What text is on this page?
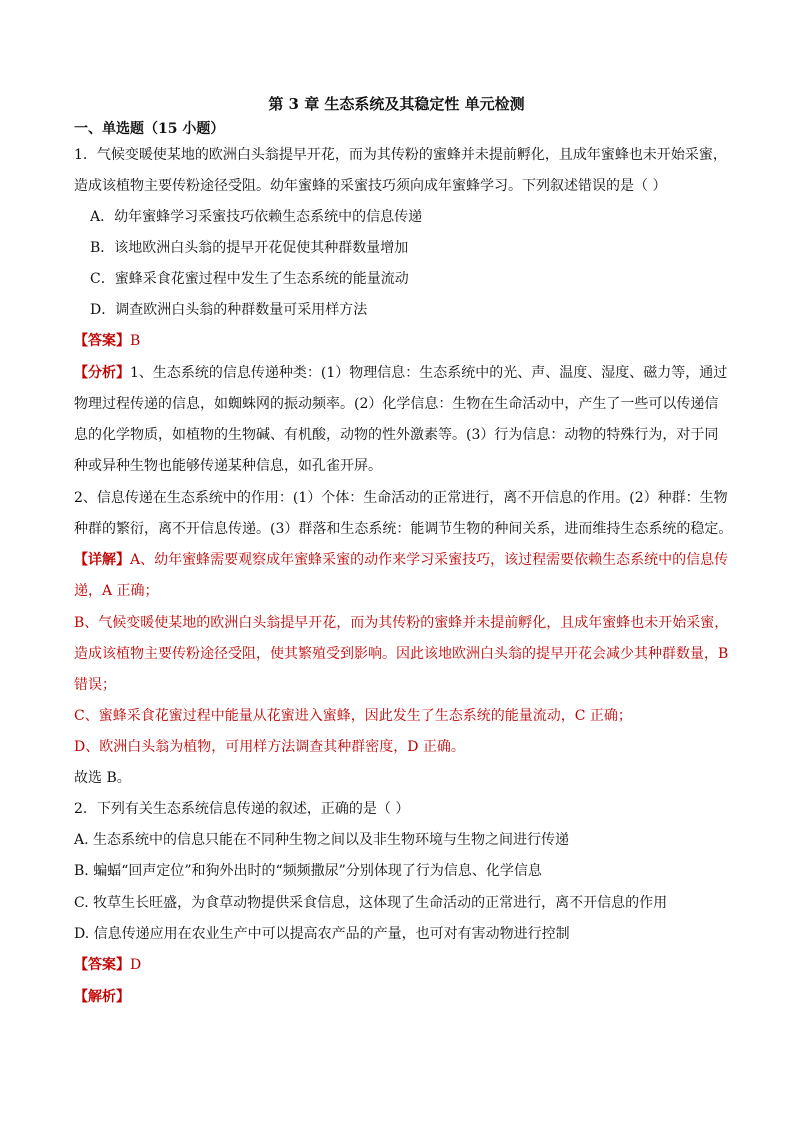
第 3 章 生态系统及其稳定性 单元检测
一、单选题（15 小题）
1．气候变暖使某地的欧洲白头翁提早开花，而为其传粉的蜜蜂并未提前孵化，且成年蜜蜂也未开始采蜜，
造成该植物主要传粉途径受阻。幼年蜜蜂的采蜜技巧须向成年蜜蜂学习。下列叙述错误的是（ ）
A．幼年蜜蜂学习采蜜技巧依赖生态系统中的信息传递
B．该地欧洲白头翁的提早开花促使其种群数量增加
C．蜜蜂采食花蜜过程中发生了生态系统的能量流动
D．调查欧洲白头翁的种群数量可采用样方法
【答案】B
【分析】1、生态系统的信息传递种类：(1）物理信息：生态系统中的光、声、温度、湿度、磁力等，通过
物理过程传递的信息，如蜘蛛网的振动频率。(2）化学信息：生物在生命活动中，产生了一些可以传递信
息的化学物质，如植物的生物碱、有机酸，动物的性外激素等。(3）行为信息：动物的特殊行为，对于同
种或异种生物也能够传递某种信息，如孔雀开屏。
2、信息传递在生态系统中的作用：(1）个体：生命活动的正常进行，离不开信息的作用。(2）种群：生物
种群的繁衍，离不开信息传递。(3）群落和生态系统：能调节生物的种间关系，进而维持生态系统的稳定。
【详解】A、幼年蜜蜂需要观察成年蜜蜂采蜜的动作来学习采蜜技巧，该过程需要依赖生态系统中的信息传
递，A 正确；
B、气候变暖使某地的欧洲白头翁提早开花，而为其传粉的蜜蜂并未提前孵化，且成年蜜蜂也未开始采蜜，
造成该植物主要传粉途径受阻，使其繁殖受到影响。因此该地欧洲白头翁的提早开花会减少其种群数量，B
错误；
C、蜜蜂采食花蜜过程中能量从花蜜进入蜜蜂，因此发生了生态系统的能量流动，C 正确；
D、欧洲白头翁为植物，可用样方法调查其种群密度，D 正确。
故选 B。
2．下列有关生态系统信息传递的叙述，正确的是（ ）
A. 生态系统中的信息只能在不同种生物之间以及非生物环境与生物之间进行传递
B. 蝙蝠“回声定位”和狗外出时的“频频撒尿”分别体现了行为信息、化学信息
C. 牧草生长旺盛，为食草动物提供采食信息，这体现了生命活动的正常进行，离不开信息的作用
D. 信息传递应用在农业生产中可以提高农产品的产量，也可对有害动物进行控制
【答案】D
【解析】
